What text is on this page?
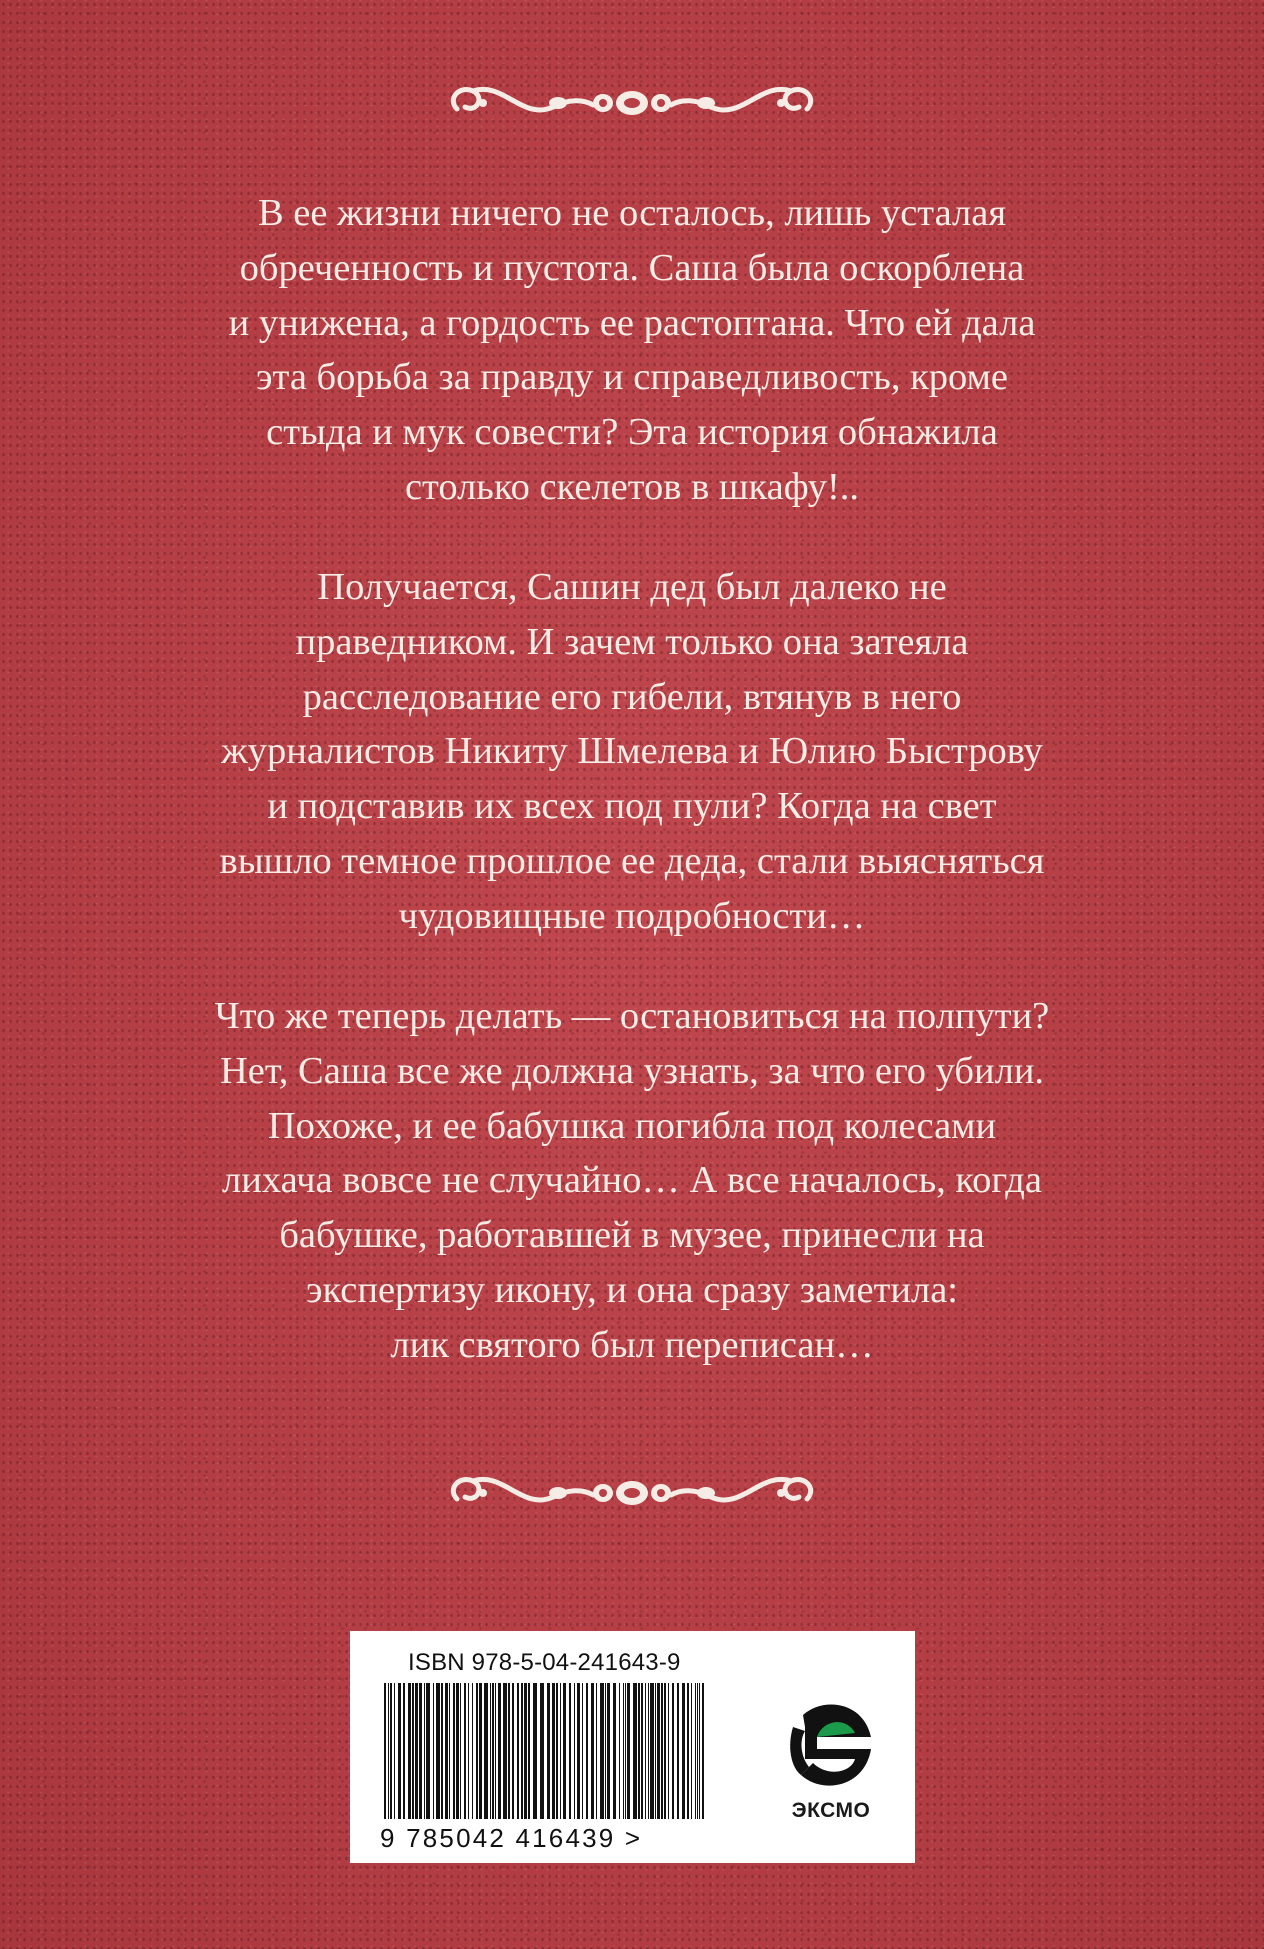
В ее жизни ничего не осталось, лишь усталая
обреченность и пустота. Саша была оскорблена
и унижена, а гордость ее растоптана. Что ей дала
эта борьба за правду и справедливость, кроме
стыда и мук совести? Эта история обнажила
столько скелетов в шкафу!..

Получается, Сашин дед был далеко не
праведником. И зачем только она затеяла
расследование его гибели, втянув в него
журналистов Никиту Шмелева и Юлию Быстрову
и подставив их всех под пули? Когда на свет
вышло темное прошлое ее деда, стали выясняться
чудовищные подробности…

Что же теперь делать — остановиться на полпути?
Нет, Саша все же должна узнать, за что его убили.
Похоже, и ее бабушка погибла под колесами
лихача вовсе не случайно… А все началось, когда
бабушке, работавшей в музее, принесли на
экспертизу икону, и она сразу заметила:
лик святого был переписан…

ISBN 978-5-04-241643-9
9 785042 416439 >
ЭКСМО
